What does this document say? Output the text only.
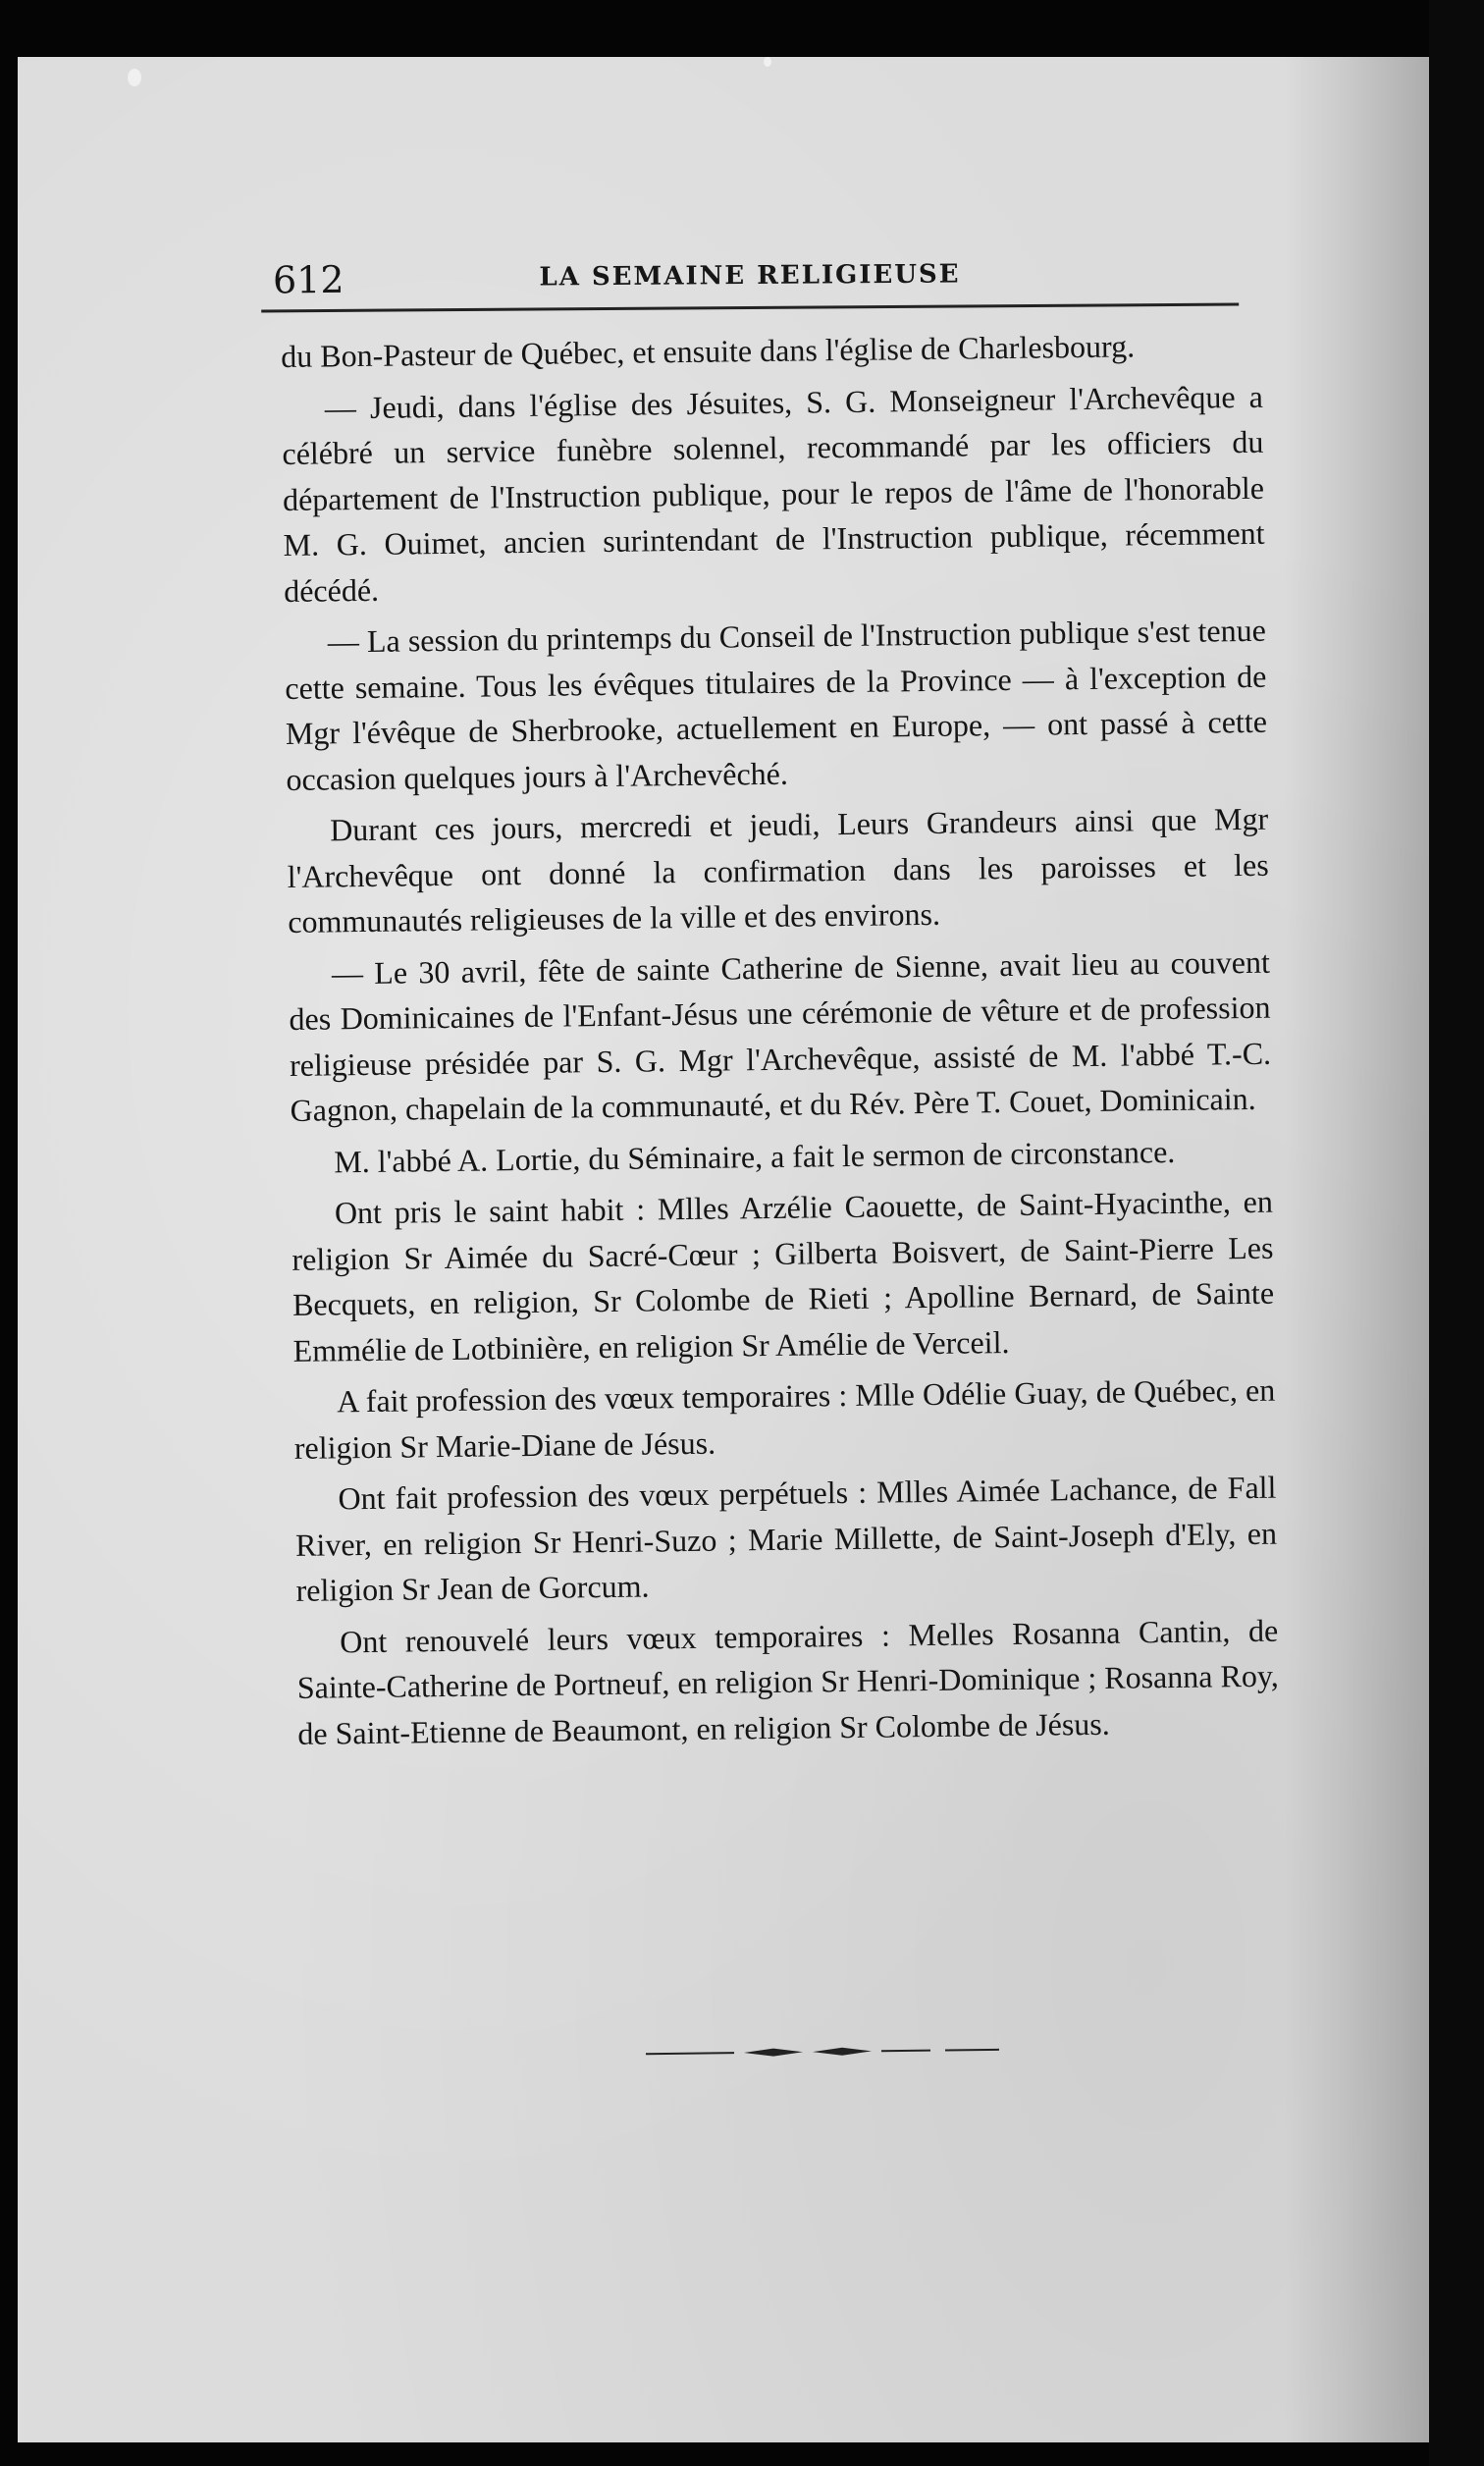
612	LA SEMAINE RELIGIEUSE

du Bon-Pasteur de Québec, et ensuite dans l'église de Charlesbourg.

— Jeudi, dans l'église des Jésuites, S. G. Monseigneur l'Archevêque a célébré un service funèbre solennel, recommandé par les officiers du département de l'Instruction publique, pour le repos de l'âme de l'honorable M. G. Ouimet, ancien surintendant de l'Instruction publique, récemment décédé.

— La session du printemps du Conseil de l'Instruction publique s'est tenue cette semaine. Tous les évêques titulaires de la Province — à l'exception de Mgr l'évêque de Sherbrooke, actuellement en Europe, — ont passé à cette occasion quelques jours à l'Archevêché.

Durant ces jours, mercredi et jeudi, Leurs Grandeurs ainsi que Mgr l'Archevêque ont donné la confirmation dans les paroisses et les communautés religieuses de la ville et des environs.

— Le 30 avril, fête de sainte Catherine de Sienne, avait lieu au couvent des Dominicaines de l'Enfant-Jésus une cérémonie de vêture et de profession religieuse présidée par S. G. Mgr l'Archevêque, assisté de M. l'abbé T.-C. Gagnon, chapelain de la communauté, et du Rév. Père T. Couet, Dominicain.

M. l'abbé A. Lortie, du Séminaire, a fait le sermon de circonstance.

Ont pris le saint habit : Mlles Arzélie Caouette, de Saint-Hyacinthe, en religion Sr Aimée du Sacré-Cœur ; Gilberta Boisvert, de Saint-Pierre Les Becquets, en religion, Sr Colombe de Rieti ; Apolline Bernard, de Sainte Emmélie de Lotbinière, en religion Sr Amélie de Verceil.

A fait profession des vœux temporaires : Mlle Odélie Guay, de Québec, en religion Sr Marie-Diane de Jésus.

Ont fait profession des vœux perpétuels : Mlles Aimée Lachance, de Fall River, en religion Sr Henri-Suzo ; Marie Millette, de Saint-Joseph d'Ely, en religion Sr Jean de Gorcum.

Ont renouvelé leurs vœux temporaires : Melles Rosanna Cantin, de Sainte-Catherine de Portneuf, en religion Sr Henri-Dominique ; Rosanna Roy, de Saint-Etienne de Beaumont, en religion Sr Colombe de Jésus.
